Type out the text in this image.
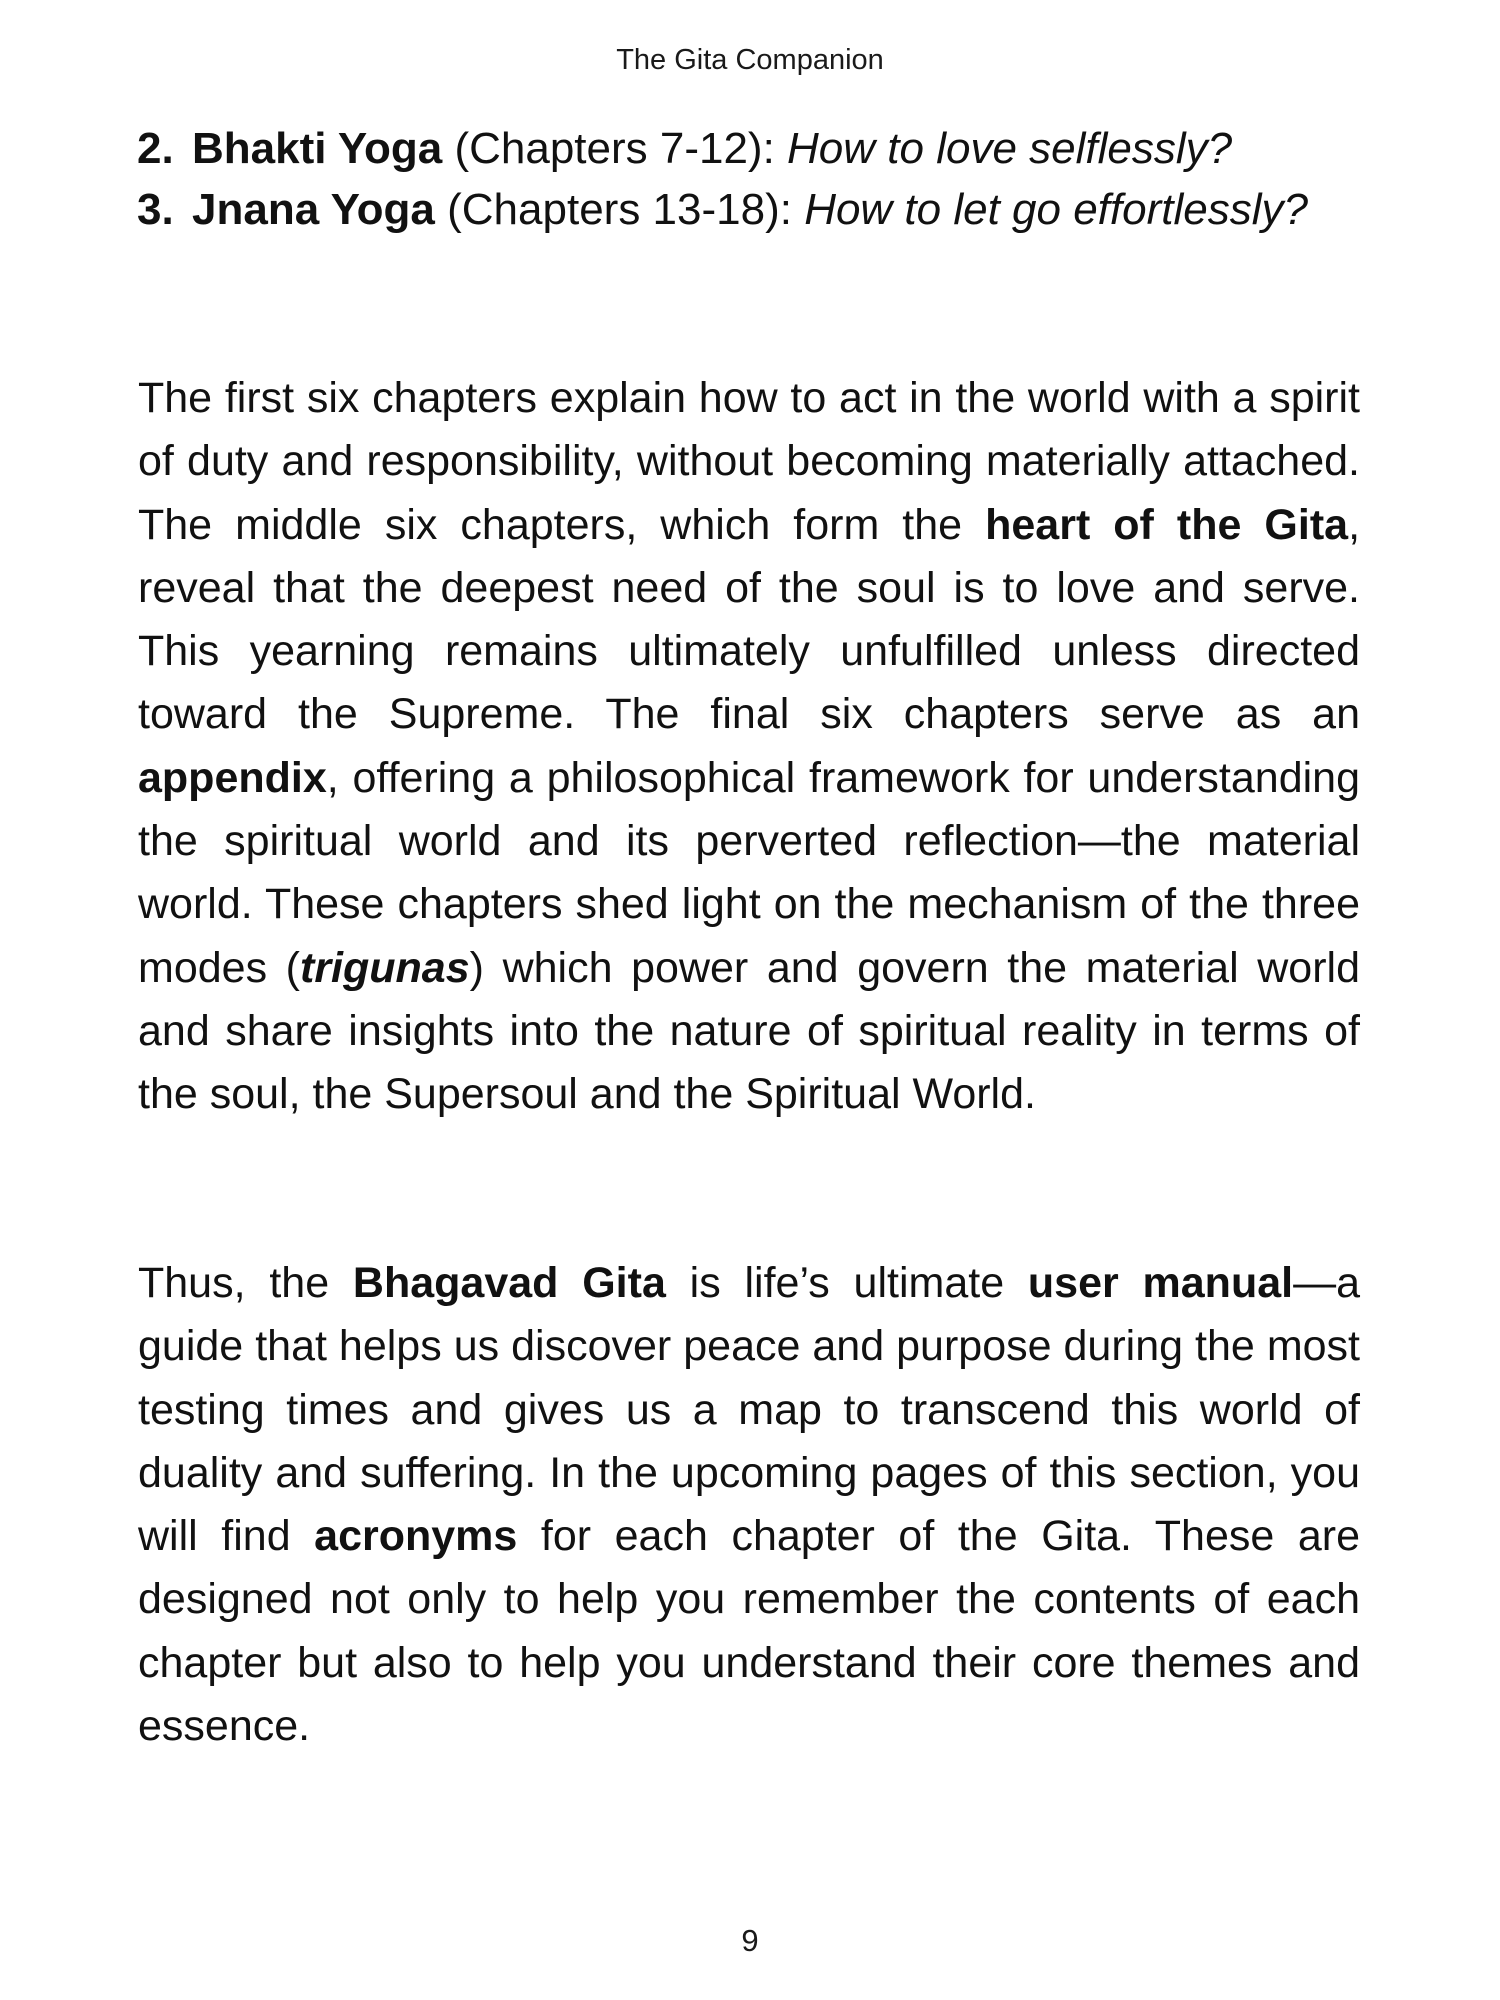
The Gita Companion
2. Bhakti Yoga (Chapters 7-12): How to love selflessly?
3. Jnana Yoga (Chapters 13-18): How to let go effortlessly?

The first six chapters explain how to act in the world with a spirit of duty and responsibility, without becoming materially attached. The middle six chapters, which form the heart of the Gita, reveal that the deepest need of the soul is to love and serve. This yearning remains ultimately unfulfilled unless directed toward the Supreme. The final six chapters serve as an appendix, offering a philosophical framework for understanding the spiritual world and its perverted reflection—the material world. These chapters shed light on the mechanism of the three modes (trigunas) which power and govern the material world and share insights into the nature of spiritual reality in terms of the soul, the Supersoul and the Spiritual World.

Thus, the Bhagavad Gita is life’s ultimate user manual—a guide that helps us discover peace and purpose during the most testing times and gives us a map to transcend this world of duality and suffering. In the upcoming pages of this section, you will find acronyms for each chapter of the Gita. These are designed not only to help you remember the contents of each chapter but also to help you understand their core themes and essence.

9
